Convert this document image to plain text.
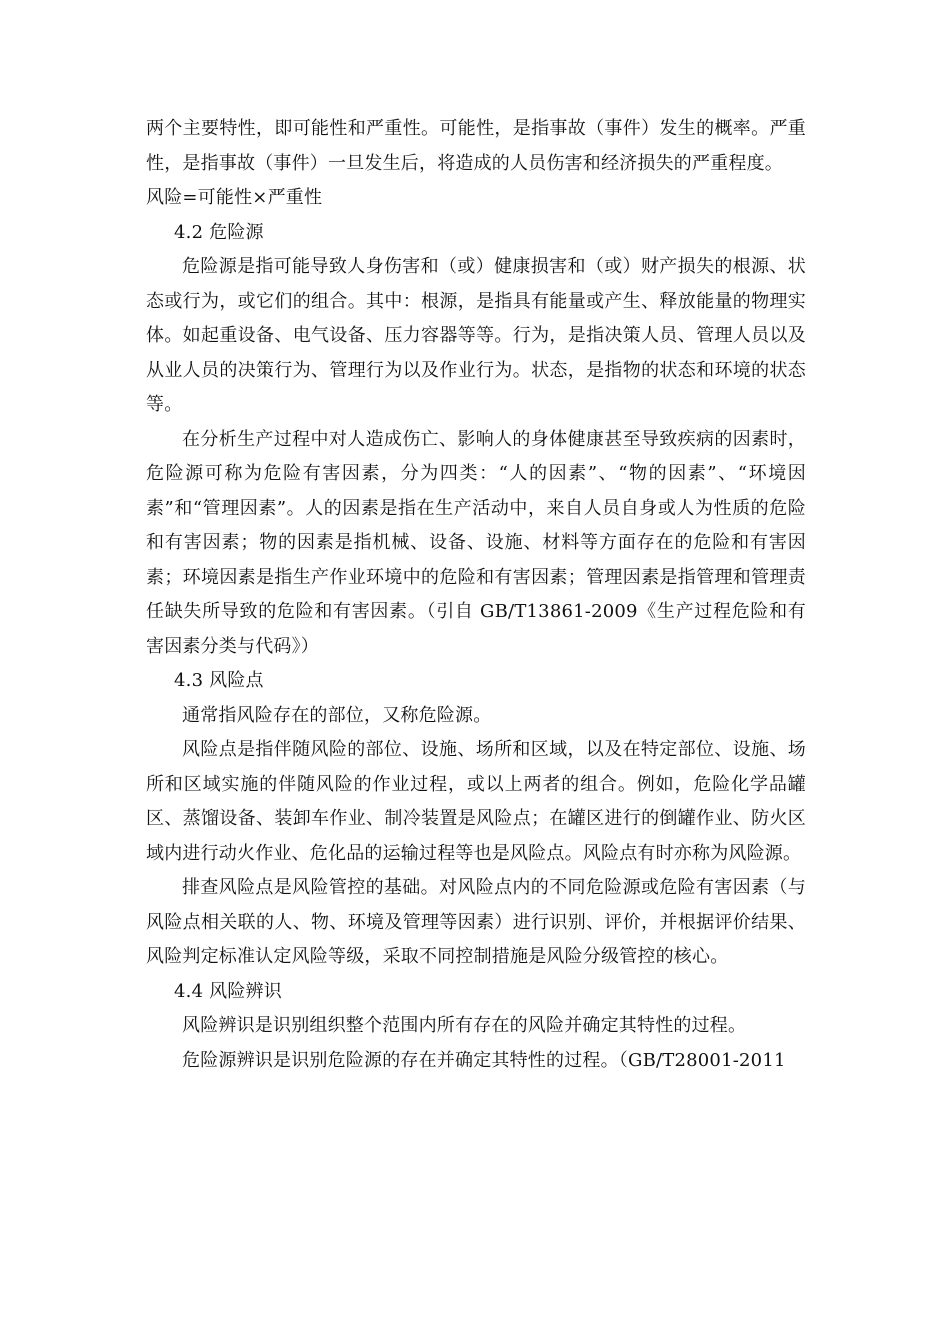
两个主要特性，即可能性和严重性。可能性，是指事故（事件）发生的概率。严重性，是指事故（事件）一旦发生后，将造成的人员伤害和经济损失的严重程度。

风险=可能性×严重性

4.2 危险源

危险源是指可能导致人身伤害和（或）健康损害和（或）财产损失的根源、状态或行为，或它们的组合。其中：根源，是指具有能量或产生、释放能量的物理实体。如起重设备、电气设备、压力容器等等。行为，是指决策人员、管理人员以及从业人员的决策行为、管理行为以及作业行为。状态，是指物的状态和环境的状态等。

在分析生产过程中对人造成伤亡、影响人的身体健康甚至导致疾病的因素时，危险源可称为危险有害因素，分为四类：“人的因素”、“物的因素”、“环境因素”和“管理因素”。人的因素是指在生产活动中，来自人员自身或人为性质的危险和有害因素；物的因素是指机械、设备、设施、材料等方面存在的危险和有害因素；环境因素是指生产作业环境中的危险和有害因素；管理因素是指管理和管理责任缺失所导致的危险和有害因素。（引自 GB/T13861-2009《生产过程危险和有害因素分类与代码》）

4.3 风险点

通常指风险存在的部位，又称危险源。

风险点是指伴随风险的部位、设施、场所和区域，以及在特定部位、设施、场所和区域实施的伴随风险的作业过程，或以上两者的组合。例如，危险化学品罐区、蒸馏设备、装卸车作业、制冷装置是风险点；在罐区进行的倒罐作业、防火区域内进行动火作业、危化品的运输过程等也是风险点。风险点有时亦称为风险源。

排查风险点是风险管控的基础。对风险点内的不同危险源或危险有害因素（与风险点相关联的人、物、环境及管理等因素）进行识别、评价，并根据评价结果、风险判定标准认定风险等级，采取不同控制措施是风险分级管控的核心。

4.4 风险辨识

风险辨识是识别组织整个范围内所有存在的风险并确定其特性的过程。

危险源辨识是识别危险源的存在并确定其特性的过程。（GB/T28001-2011
